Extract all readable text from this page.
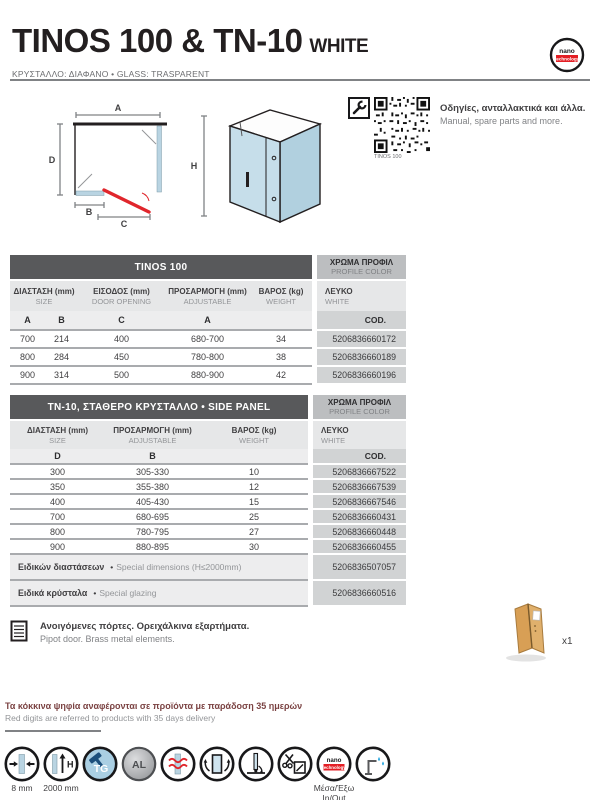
TINOS 100 & TN-10 WHITE
ΚΡΥΣΤΑΛΛΟ: ΔΙΑΦΑΝΟ • GLASS: TRASPARENT
nano
technology
TINOS 100
Οδηγίες, ανταλλακτικά και άλλα.
Manual, spare parts and more.
A
D
B
C
H
TINOS 100	ΧΡΩΜΑ ΠΡΟΦΙΛ
PROFILE COLOR
ΔΙΑΣΤΑΣΗ (mm)
SIZE
ΕΙΣΟΔΟΣ (mm)
DOOR OPENING
ΠΡΟΣΑΡΜΟΓΗ (mm)
ADJUSTABLE
ΒΑΡΟΣ (kg)
WEIGHT
ΛΕΥΚΟ
WHITE
A	B	C	A	COD.
700	214	400	680-700	34	5206836660172
800	284	450	780-800	38	5206836660189
900	314	500	880-900	42	5206836660196
TN-10, ΣΤΑΘΕΡΟ ΚΡΥΣΤΑΛΛΟ • SIDE PANEL	ΧΡΩΜΑ ΠΡΟΦΙΛ
PROFILE COLOR
ΔΙΑΣΤΑΣΗ (mm)
SIZE
ΠΡΟΣΑΡΜΟΓΗ (mm)
ADJUSTABLE
ΒΑΡΟΣ (kg)
WEIGHT
ΛΕΥΚΟ
WHITE
D	B	COD.
300	305-330	10	5206836667522
350	355-380	12	5206836667539
400	405-430	15	5206836667546
700	680-695	25	5206836660431
800	780-795	27	5206836660448
900	880-895	30	5206836660455
Ειδικών διαστάσεων • Special dimensions (H≤2000mm)	5206836507057
Ειδικά κρύσταλα • Special glazing	5206836660516
Ανοιγόμενες πόρτες. Ορειχάλκινα εξαρτήματα.
Pipot door. Brass metal elements.	x1
Τα κόκκινα ψηφία αναφέρονται σε προϊόντα με παράδοση 35 ημερών
Red digits are referred to products with 35 days delivery
8 mm
H
2000 mm
TG AL	nano
technology
Μέσα/Έξω
In/Out
